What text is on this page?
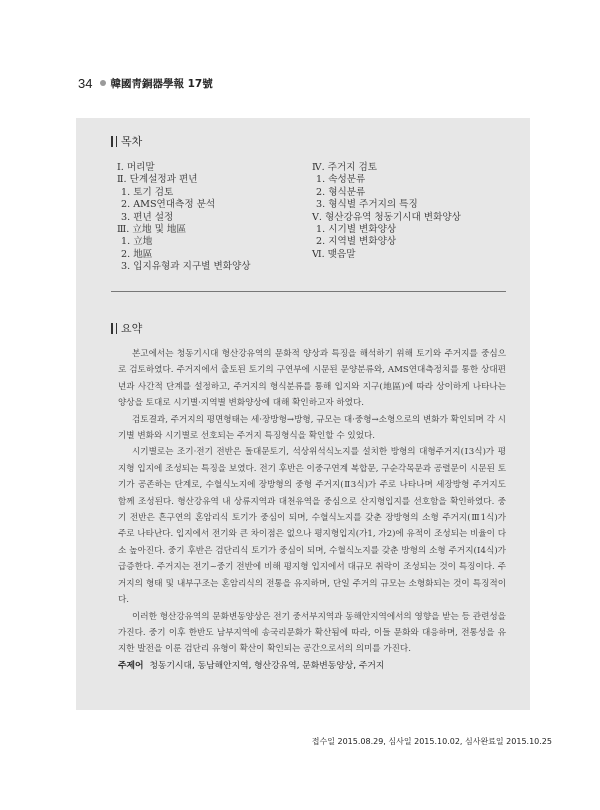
34 韓國靑銅器學報 17號
목차
Ⅰ. 머리말
Ⅱ. 단계설정과 편년
1. 토기 검토
2. AMS연대측정 분석
3. 편년 설정
Ⅲ. 立地 및 地區
1. 立地
2. 地區
3. 입지유형과 지구별 변화양상
Ⅳ. 주거지 검토
1. 속성분류
2. 형식분류
3. 형식별 주거지의 특징
Ⅴ. 형산강유역 청동기시대 변화양상
1. 시기별 변화양상
2. 지역별 변화양상
Ⅵ. 맺음말
요약

본고에서는 청동기시대 형산강유역의 문화적 양상과 특징을 해석하기 위해 토기와 주거지를 중심으로 검토하였다. 주거지에서 출토된 토기의 구연부에 시문된 문양분류와, AMS연대측정치를 통한 상대편년과 사간적 단계를 설정하고, 주거지의 형식분류를 통해 입지와 지구(地區)에 따라 상이하게 나타나는 양상을 토대로 시기별·지역별 변화양상에 대해 확인하고자 하였다.

검토결과, 주거지의 평면형태는 세·장방형→방형, 규모는 대·중형→소형으로의 변화가 확인되며 각 시기별 변화와 시기별로 선호되는 주거지 특징형식을 확인할 수 있었다.

시기별로는 조기·전기 전반은 돌대문토기, 석상위석식노지를 설치한 방형의 대형주거지(Ⅰ3식)가 평지형 입지에 조성되는 특징을 보였다. 전기 후반은 이중구연계 복합문, 구순각목문과 공렬문이 시문된 토기가 공존하는 단계로, 수혈식노지에 장방형의 중형 주거지(Ⅱ3식)가 주로 나타나며 세장방형 주거지도 함께 조성된다. 형산강유역 내 상류지역과 대천유역을 중심으로 산지형입지를 선호함을 확인하였다. 중기 전반은 흔구연의 혼암리식 토기가 중심이 되며, 수혈식노지를 갖춘 장방형의 소형 주거지(Ⅲ1식)가 주로 나타난다. 입지에서 전기와 큰 차이점은 없으나 평지형입지(가1, 가2)에 유적이 조성되는 비율이 다소 높아진다. 중기 후반은 검단리식 토기가 중심이 되며, 수혈식노지를 갖춘 방형의 소형 주거지(Ⅰ4식)가 급증한다. 주거지는 전기~중기 전반에 비해 평지형 입지에서 대규모 취락이 조성되는 것이 특징이다. 주거지의 형태 및 내부구조는 혼암리식의 전통을 유지하며, 단일 주거의 규모는 소형화되는 것이 특징적이다.

이러한 형산강유역의 문화변동양상은 전기 중서부지역과 동해안지역에서의 영향을 받는 등 관련성을 가진다. 중기 이후 한반도 남부지역에 송국리문화가 확산됨에 따라, 이들 문화와 대응하며, 전통성을 유지한 발전을 이룬 검단리 유형이 확산이 확인되는 공간으로서의 의미를 가진다.

주제어 청동기시대, 동남해안지역, 형산강유역, 문화변동양상, 주거지
접수일 2015.08.29, 심사일 2015.10.02, 심사완료일 2015.10.25
